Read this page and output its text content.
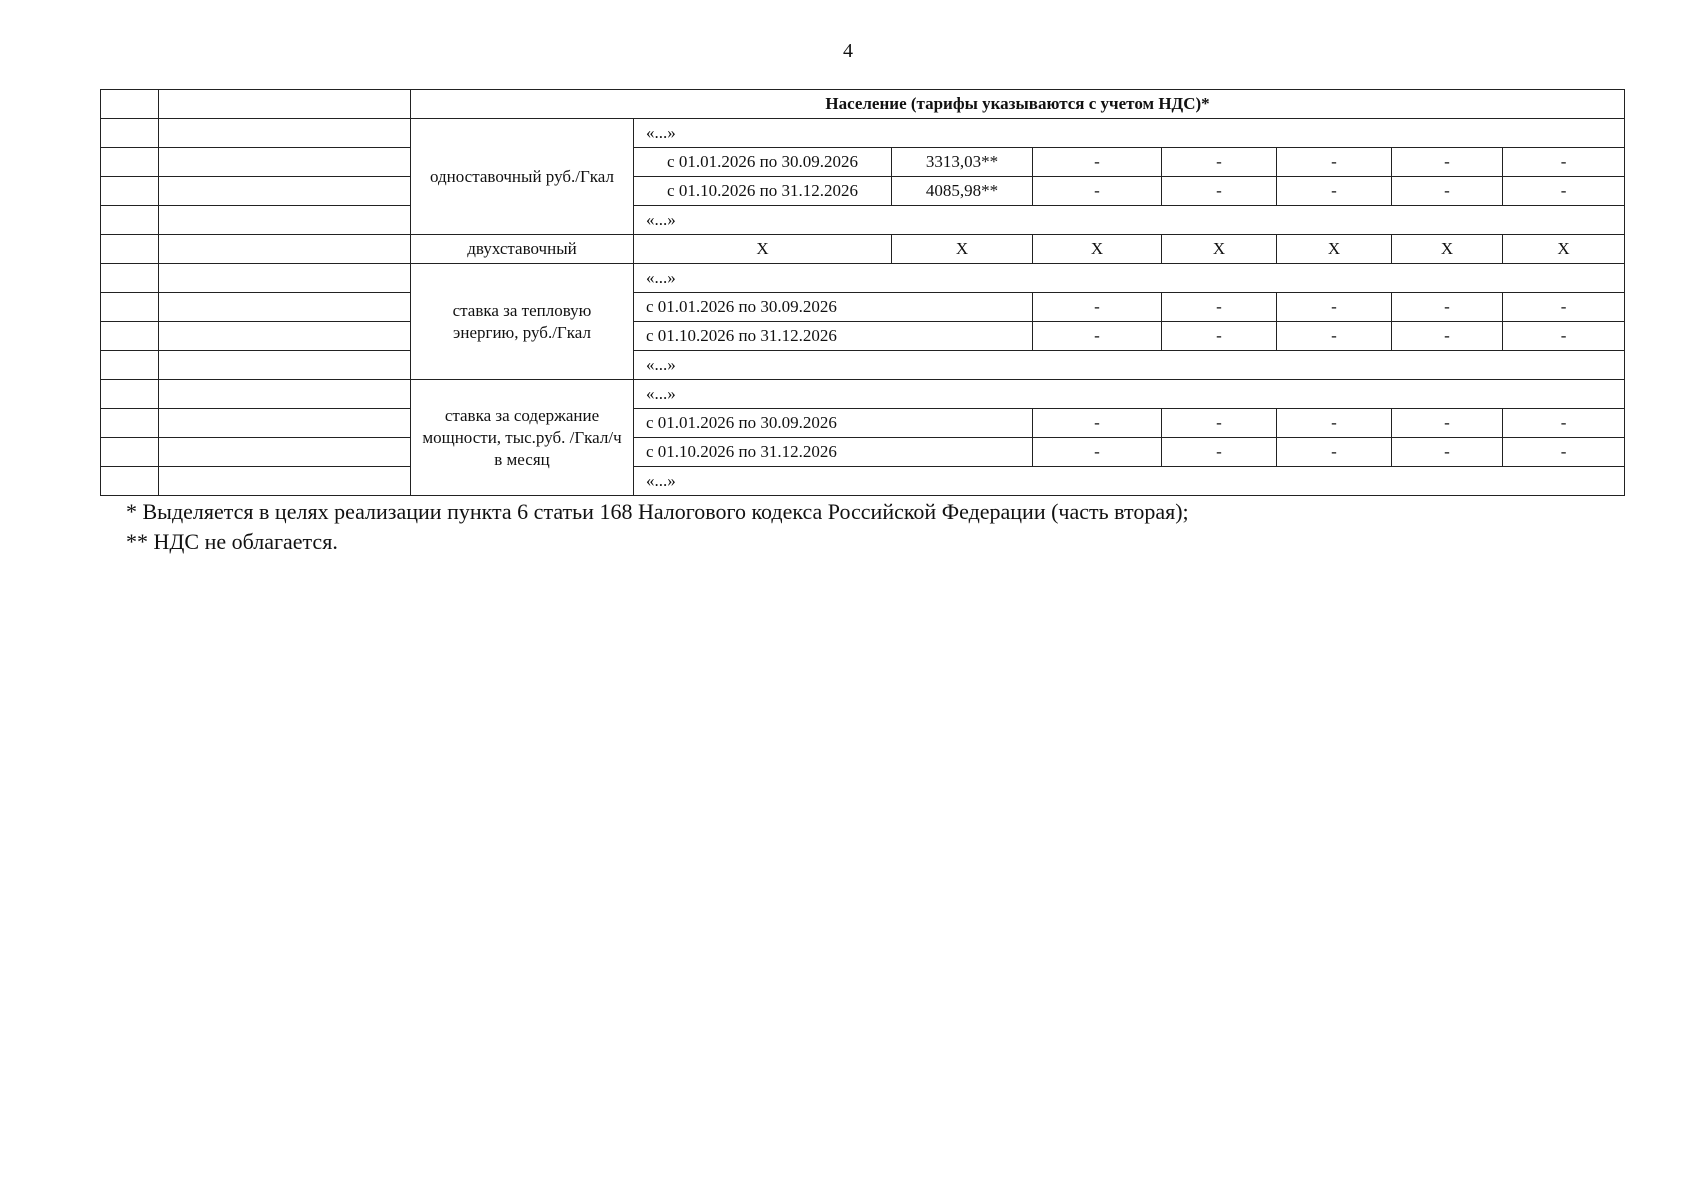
4
		Население (тарифы указываются с учетом НДС)*								
		одноставочный руб./Гкал	«...»							
			с 01.01.2026 по 30.09.2026	3313,03**	-	-	-	-	-	
			с 01.10.2026 по 31.12.2026	4085,98**	-	-	-	-	-	
			«...»							
		двухставочный	X	X	X	X	X	X	X	
		ставка за тепловую энергию, руб./Гкал	«...»							
			с 01.01.2026 по 30.09.2026		-	-	-	-	-	
			с 01.10.2026 по 31.12.2026		-	-	-	-	-	
			«...»							
		ставка за содержание мощности, тыс.руб. /Гкал/ч в месяц	«...»							
			с 01.01.2026 по 30.09.2026		-	-	-	-	-	
			с 01.10.2026 по 31.12.2026		-	-	-	-	-	
			«...»							
* Выделяется в целях реализации пункта 6 статьи 168 Налогового кодекса Российской Федерации (часть вторая);
** НДС не облагается.
